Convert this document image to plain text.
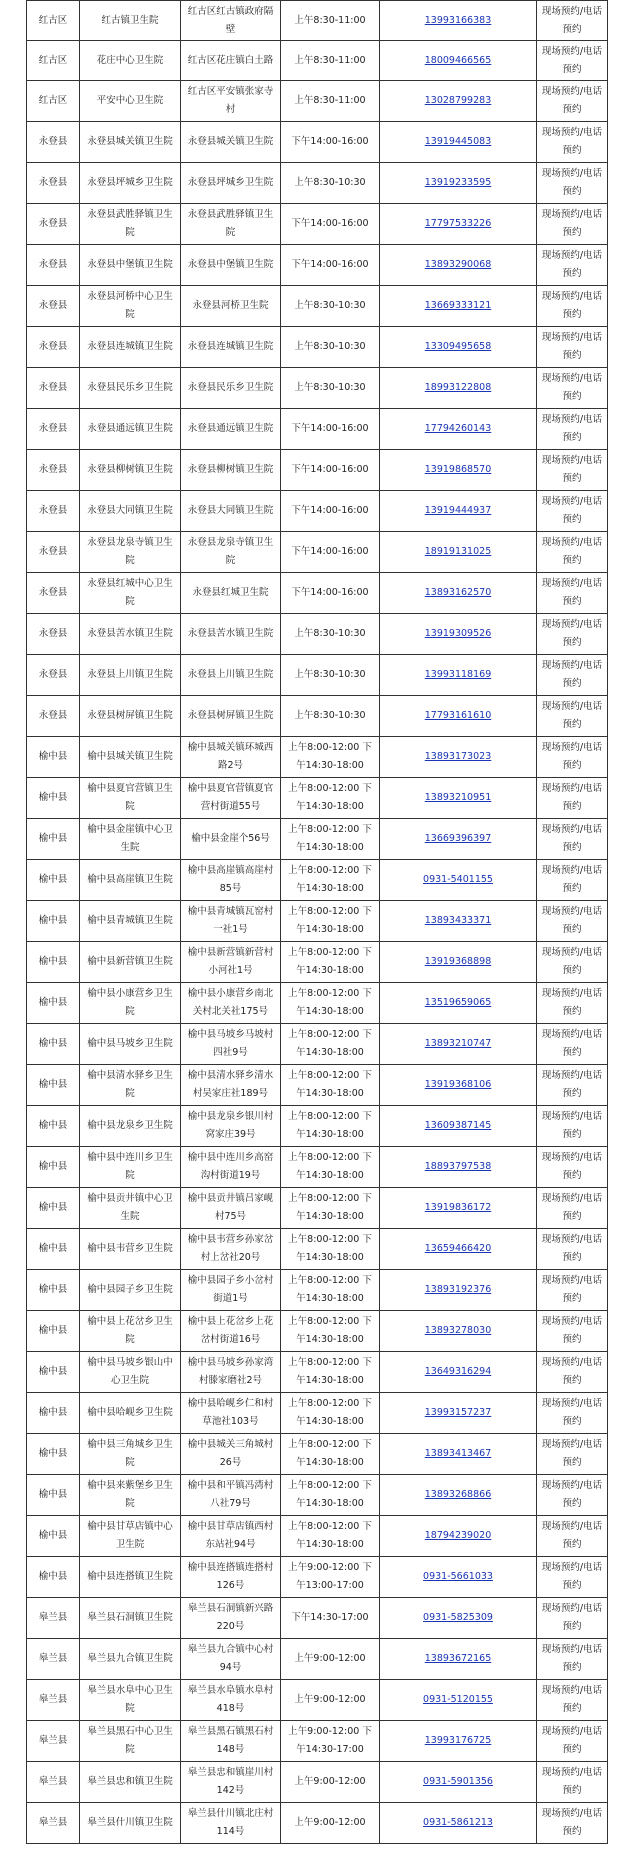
红古区	红古镇卫生院	红古区红古镇政府隔壁	上午8:30-11:00	13993166383	现场预约/电话预约
红古区	花庄中心卫生院	红古区花庄镇白土路	上午8:30-11:00	18009466565	现场预约/电话预约
红古区	平安中心卫生院	红古区平安镇张家寺村	上午8:30-11:00	13028799283	现场预约/电话预约
永登县	永登县城关镇卫生院	永登县城关镇卫生院	下午14:00-16:00	13919445083	现场预约/电话预约
永登县	永登县坪城乡卫生院	永登县坪城乡卫生院	上午8:30-10:30	13919233595	现场预约/电话预约
永登县	永登县武胜驿镇卫生院	永登县武胜驿镇卫生院	下午14:00-16:00	17797533226	现场预约/电话预约
永登县	永登县中堡镇卫生院	永登县中堡镇卫生院	下午14:00-16:00	13893290068	现场预约/电话预约
永登县	永登县河桥中心卫生院	永登县河桥卫生院	上午8:30-10:30	13669333121	现场预约/电话预约
永登县	永登县连城镇卫生院	永登县连城镇卫生院	上午8:30-10:30	13309495658	现场预约/电话预约
永登县	永登县民乐乡卫生院	永登县民乐乡卫生院	上午8:30-10:30	18993122808	现场预约/电话预约
永登县	永登县通远镇卫生院	永登县通远镇卫生院	下午14:00-16:00	17794260143	现场预约/电话预约
永登县	永登县柳树镇卫生院	永登县柳树镇卫生院	下午14:00-16:00	13919868570	现场预约/电话预约
永登县	永登县大同镇卫生院	永登县大同镇卫生院	下午14:00-16:00	13919444937	现场预约/电话预约
永登县	永登县龙泉寺镇卫生院	永登县龙泉寺镇卫生院	下午14:00-16:00	18919131025	现场预约/电话预约
永登县	永登县红城中心卫生院	永登县红城卫生院	下午14:00-16:00	13893162570	现场预约/电话预约
永登县	永登县苦水镇卫生院	永登县苦水镇卫生院	上午8:30-10:30	13919309526	现场预约/电话预约
永登县	永登县上川镇卫生院	永登县上川镇卫生院	上午8:30-10:30	13993118169	现场预约/电话预约
永登县	永登县树屏镇卫生院	永登县树屏镇卫生院	上午8:30-10:30	17793161610	现场预约/电话预约
榆中县	榆中县城关镇卫生院	榆中县城关镇环城西路2号	上午8:00-12:00 下午14:30-18:00	13893173023	现场预约/电话预约
榆中县	榆中县夏官营镇卫生院	榆中县夏官营镇夏官营村街道55号	上午8:00-12:00 下午14:30-18:00	13893210951	现场预约/电话预约
榆中县	榆中县金崖镇中心卫生院	榆中县金崖个56号	上午8:00-12:00 下午14:30-18:00	13669396397	现场预约/电话预约
榆中县	榆中县高崖镇卫生院	榆中县高崖镇高崖村85号	上午8:00-12:00 下午14:30-18:00	0931-5401155	现场预约/电话预约
榆中县	榆中县青城镇卫生院	榆中县青城镇瓦窑村一社1号	上午8:00-12:00 下午14:30-18:00	13893433371	现场预约/电话预约
榆中县	榆中县新营镇卫生院	榆中县新营镇新营村小河社1号	上午8:00-12:00 下午14:30-18:00	13919368898	现场预约/电话预约
榆中县	榆中县小康营乡卫生院	榆中县小康营乡南北关村北关社175号	上午8:00-12:00 下午14:30-18:00	13519659065	现场预约/电话预约
榆中县	榆中县马坡乡卫生院	榆中县马坡乡马坡村四社9号	上午8:00-12:00 下午14:30-18:00	13893210747	现场预约/电话预约
榆中县	榆中县清水驿乡卫生院	榆中县清水驿乡清水村吴家庄社189号	上午8:00-12:00 下午14:30-18:00	13919368106	现场预约/电话预约
榆中县	榆中县龙泉乡卫生院	榆中县龙泉乡银川村窝家庄39号	上午8:00-12:00 下午14:30-18:00	13609387145	现场预约/电话预约
榆中县	榆中县中连川乡卫生院	榆中县中连川乡高窑沟村街道19号	上午8:00-12:00 下午14:30-18:00	18893797538	现场预约/电话预约
榆中县	榆中县贡井镇中心卫生院	榆中县贡井镇吕家岘村75号	上午8:00-12:00 下午14:30-18:00	13919836172	现场预约/电话预约
榆中县	榆中县韦营乡卫生院	榆中县韦营乡孙家岔村上岔社20号	上午8:00-12:00 下午14:30-18:00	13659466420	现场预约/电话预约
榆中县	榆中县园子乡卫生院	榆中县园子乡小岔村街道1号	上午8:00-12:00 下午14:30-18:00	13893192376	现场预约/电话预约
榆中县	榆中县上花岔乡卫生院	榆中县上花岔乡上花岔村街道16号	上午8:00-12:00 下午14:30-18:00	13893278030	现场预约/电话预约
榆中县	榆中县马坡乡银山中心卫生院	榆中县马坡乡孙家湾村滕家磨社2号	上午8:00-12:00 下午14:30-18:00	13649316294	现场预约/电话预约
榆中县	榆中县哈岘乡卫生院	榆中县哈岘乡仁和村草池社103号	上午8:00-12:00 下午14:30-18:00	13993157237	现场预约/电话预约
榆中县	榆中县三角城乡卫生院	榆中县城关三角城村26号	上午8:00-12:00 下午14:30-18:00	13893413467	现场预约/电话预约
榆中县	榆中县来紫堡乡卫生院	榆中县和平镇冯湾村八社79号	上午8:00-12:00 下午14:30-18:00	13893268866	现场预约/电话预约
榆中县	榆中县甘草店镇中心卫生院	榆中县甘草店镇西村东站社94号	上午8:00-12:00 下午14:30-18:00	18794239020	现场预约/电话预约
榆中县	榆中县连搭镇卫生院	榆中县连搭镇连搭村126号	上午9:00-12:00 下午13:00-17:00	0931-5661033	现场预约/电话预约
皋兰县	皋兰县石洞镇卫生院	皋兰县石洞镇新兴路220号	下午14:30-17:00	0931-5825309	现场预约/电话预约
皋兰县	皋兰县九合镇卫生院	皋兰县九合镇中心村94号	上午9:00-12:00	13893672165	现场预约/电话预约
皋兰县	皋兰县水阜中心卫生院	皋兰县水阜镇水阜村418号	上午9:00-12:00	0931-5120155	现场预约/电话预约
皋兰县	皋兰县黑石中心卫生院	皋兰县黑石镇黑石村148号	上午9:00-12:00 下午14:30-17:00	13993176725	现场预约/电话预约
皋兰县	皋兰县忠和镇卫生院	皋兰县忠和镇崖川村142号	上午9:00-12:00	0931-5901356	现场预约/电话预约
皋兰县	皋兰县什川镇卫生院	皋兰县什川镇北庄村114号	上午9:00-12:00	0931-5861213	现场预约/电话预约
